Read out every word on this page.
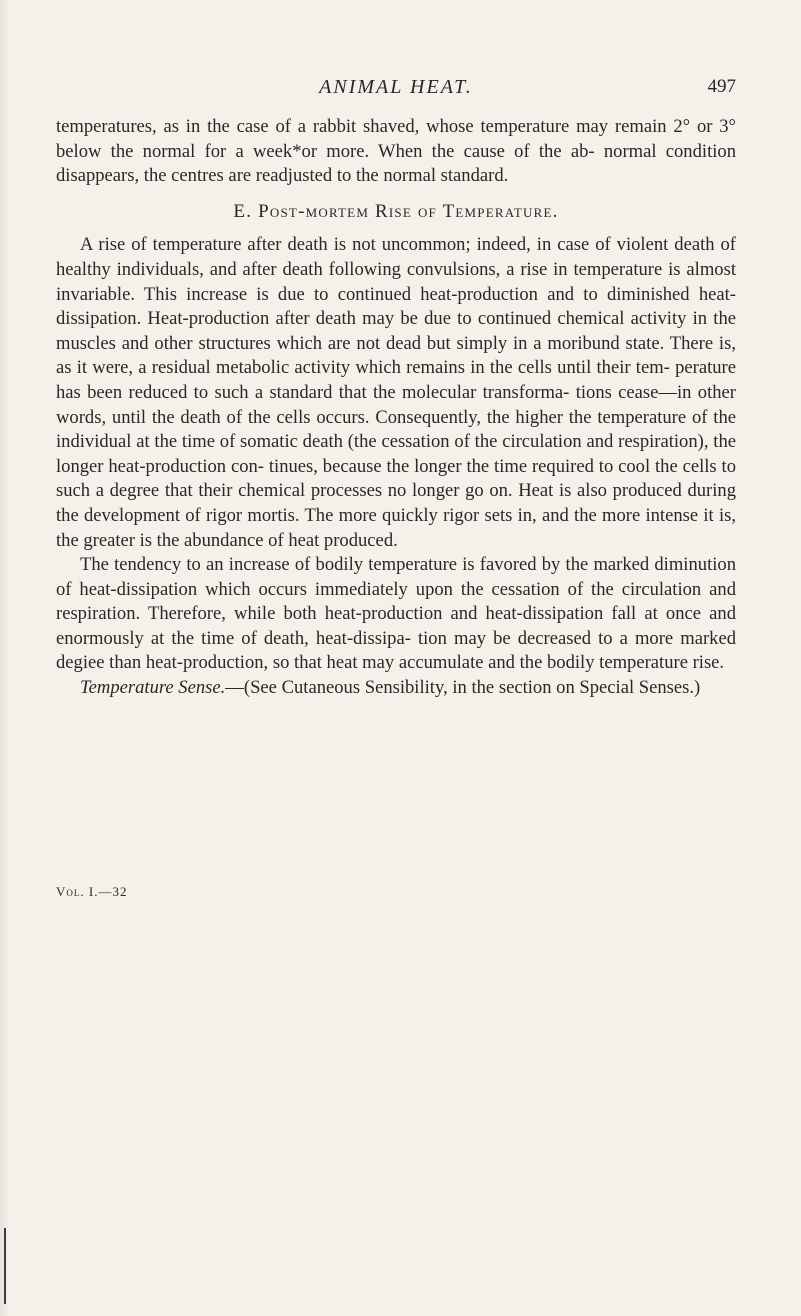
ANIMAL HEAT.	497

temperatures, as in the case of a rabbit shaved, whose temperature may remain 2° or 3° below the normal for a week*or more. When the cause of the ab- normal condition disappears, the centres are readjusted to the normal standard.

E. Post-mortem Rise of Temperature.

A rise of temperature after death is not uncommon; indeed, in case of violent death of healthy individuals, and after death following convulsions, a rise in temperature is almost invariable. This increase is due to continued heat-production and to diminished heat-dissipation. Heat-production after death may be due to continued chemical activity in the muscles and other structures which are not dead but simply in a moribund state. There is, as it were, a residual metabolic activity which remains in the cells until their tem- perature has been reduced to such a standard that the molecular transforma- tions cease—in other words, until the death of the cells occurs. Consequently, the higher the temperature of the individual at the time of somatic death (the cessation of the circulation and respiration), the longer heat-production con- tinues, because the longer the time required to cool the cells to such a degree that their chemical processes no longer go on. Heat is also produced during the development of rigor mortis. The more quickly rigor sets in, and the more intense it is, the greater is the abundance of heat produced.

The tendency to an increase of bodily temperature is favored by the marked diminution of heat-dissipation which occurs immediately upon the cessation of the circulation and respiration. Therefore, while both heat-production and heat-dissipation fall at once and enormously at the time of death, heat-dissipa- tion may be decreased to a more marked degiee than heat-production, so that heat may accumulate and the bodily temperature rise.

Temperature Sense.—(See Cutaneous Sensibility, in the section on Special Senses.)

Vol. I.—32
